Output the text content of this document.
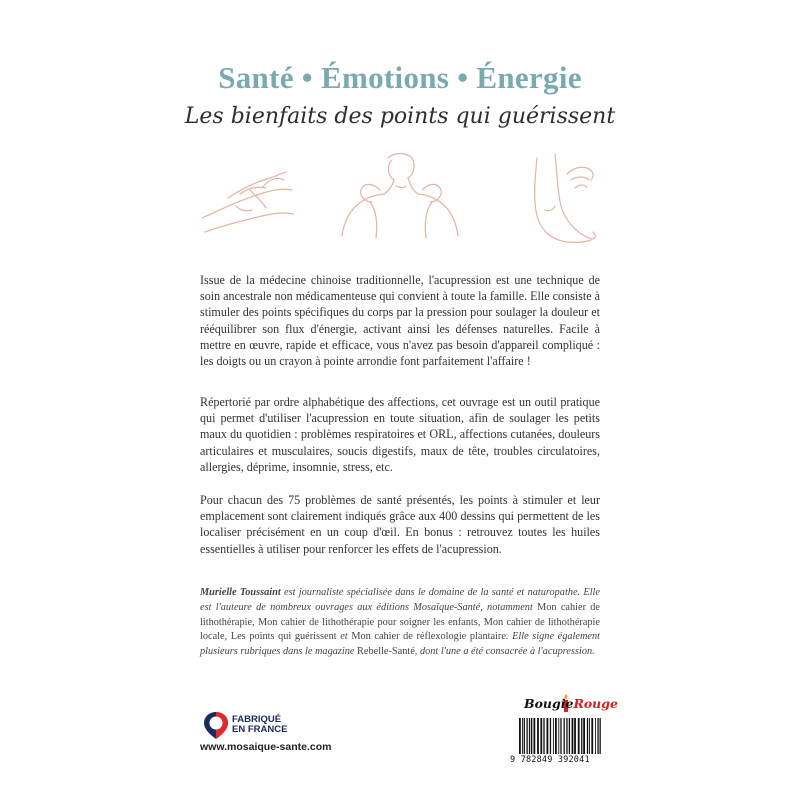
Santé • Émotions • Énergie
Les bienfaits des points qui guérissent
Issue de la médecine chinoise traditionnelle, l'acupression est une technique de soin ancestrale non médicamenteuse qui convient à toute la famille. Elle consiste à stimuler des points spécifiques du corps par la pression pour soulager la douleur et rééquilibrer son flux d'énergie, activant ainsi les défenses naturelles. Facile à mettre en œuvre, rapide et efficace, vous n'avez pas besoin d'appareil compliqué : les doigts ou un crayon à pointe arrondie font parfaitement l'affaire !
Répertorié par ordre alphabétique des affections, cet ouvrage est un outil pratique qui permet d'utiliser l'acupression en toute situation, afin de soulager les petits maux du quotidien : problèmes respiratoires et ORL, affections cutanées, douleurs articulaires et musculaires, soucis digestifs, maux de tête, troubles circulatoires, allergies, déprime, insomnie, stress, etc.
Pour chacun des 75 problèmes de santé présentés, les points à stimuler et leur emplacement sont clairement indiqués grâce aux 400 dessins qui permettent de les localiser précisément en un coup d'œil. En bonus : retrouvez toutes les huiles essentielles à utiliser pour renforcer les effets de l'acupression.
Murielle Toussaint est journaliste spécialisée dans le domaine de la santé et naturopathe. Elle est l'auteure de nombreux ouvrages aux éditions Mosaïque-Santé, notamment Mon cahier de lithothérapie, Mon cahier de lithothérapie pour soigner les enfants, Mon cahier de lithothérapie locale, Les points qui guérissent et Mon cahier de réflexologie plantaire. Elle signe également plusieurs rubriques dans le magazine Rebelle-Santé, dont l'une a été consacrée à l'acupression.
FABRIQUÉ
EN FRANCE
www.mosaique-sante.com
BougieRouge
9 782849 392041
